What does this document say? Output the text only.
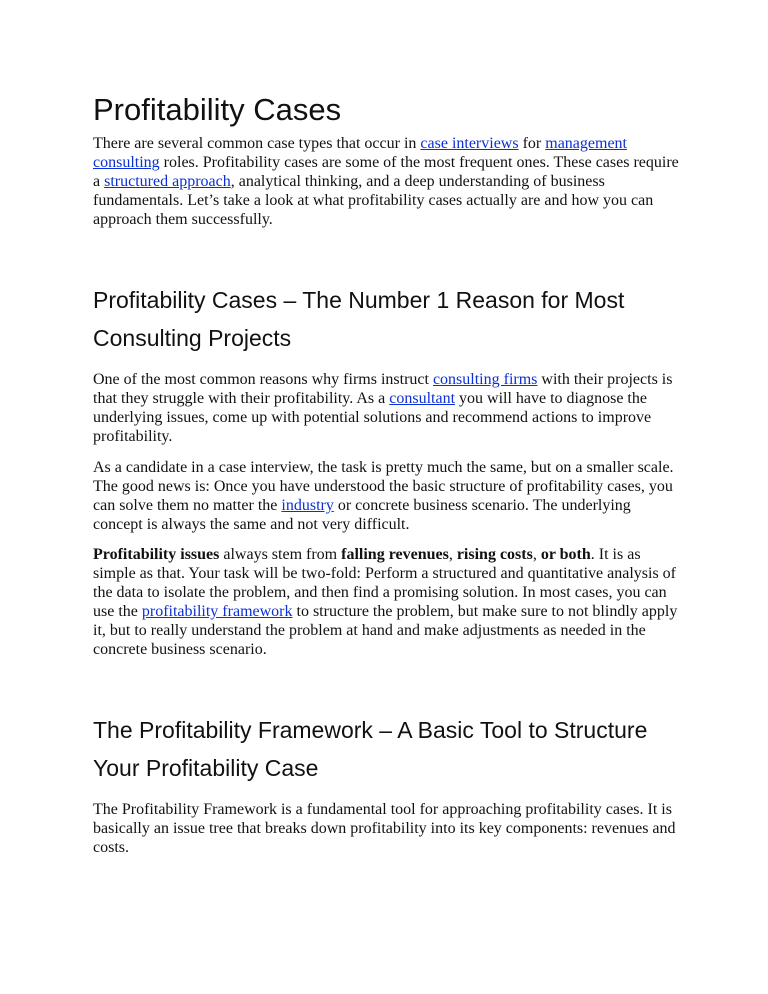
Profitability Cases

There are several common case types that occur in case interviews for management consulting roles. Profitability cases are some of the most frequent ones. These cases require a structured approach, analytical thinking, and a deep understanding of business fundamentals. Let’s take a look at what profitability cases actually are and how you can approach them successfully.

Profitability Cases – The Number 1 Reason for Most Consulting Projects

One of the most common reasons why firms instruct consulting firms with their projects is that they struggle with their profitability. As a consultant you will have to diagnose the underlying issues, come up with potential solutions and recommend actions to improve profitability.

As a candidate in a case interview, the task is pretty much the same, but on a smaller scale. The good news is: Once you have understood the basic structure of profitability cases, you can solve them no matter the industry or concrete business scenario. The underlying concept is always the same and not very difficult.

Profitability issues always stem from falling revenues, rising costs, or both. It is as simple as that. Your task will be two-fold: Perform a structured and quantitative analysis of the data to isolate the problem, and then find a promising solution. In most cases, you can use the profitability framework to structure the problem, but make sure to not blindly apply it, but to really understand the problem at hand and make adjustments as needed in the concrete business scenario.

The Profitability Framework – A Basic Tool to Structure Your Profitability Case

The Profitability Framework is a fundamental tool for approaching profitability cases. It is basically an issue tree that breaks down profitability into its key components: revenues and costs.
